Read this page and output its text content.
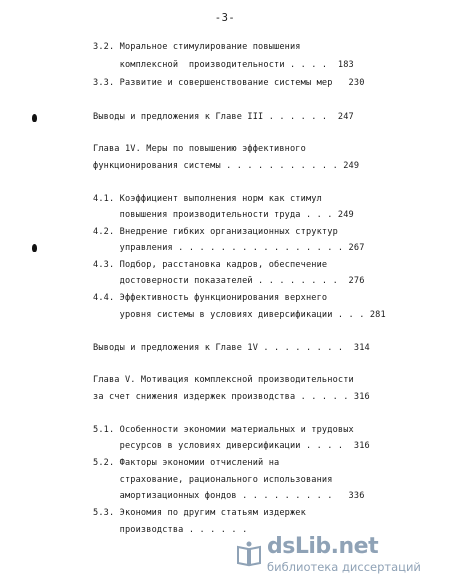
-3-
3.2. Моральное стимулирование повышения
комплексной  производительности . . . .  183
3.3. Развитие и совершенствование системы мер   230
Выводы и предложения к Главе III . . . . . .  247
Глава 1V. Меры по повышению эффективного
функционирования системы . . . . . . . . . . . 249
4.1. Коэффициент выполнения норм как стимул
повышения производительности труда . . . 249
4.2. Внедрение гибких организационных структур
управления . . . . . . . . . . . . . . . . 267
4.3. Подбор, расстановка кадров, обеспечение
достоверности показателей . . . . . . . .  276
4.4. Эффективность функционирования верхнего
уровня системы в условиях диверсификации . . . 281
Выводы и предложения к Главе 1V . . . . . . . .  314
Глава V. Мотивация комплексной производительности
за счет снижения издержек производства . . . . . 316
5.1. Особенности экономии материальных и трудовых
ресурсов в условиях диверсификации . . . .  316
5.2. Факторы экономии отчислений на
страхование, рационального использования
амортизационных фондов . . . . . . . . .   336
5.3. Экономия по другим статьям издержек
производства . . . . . .
dsLib.net
библиотека диссертаций
